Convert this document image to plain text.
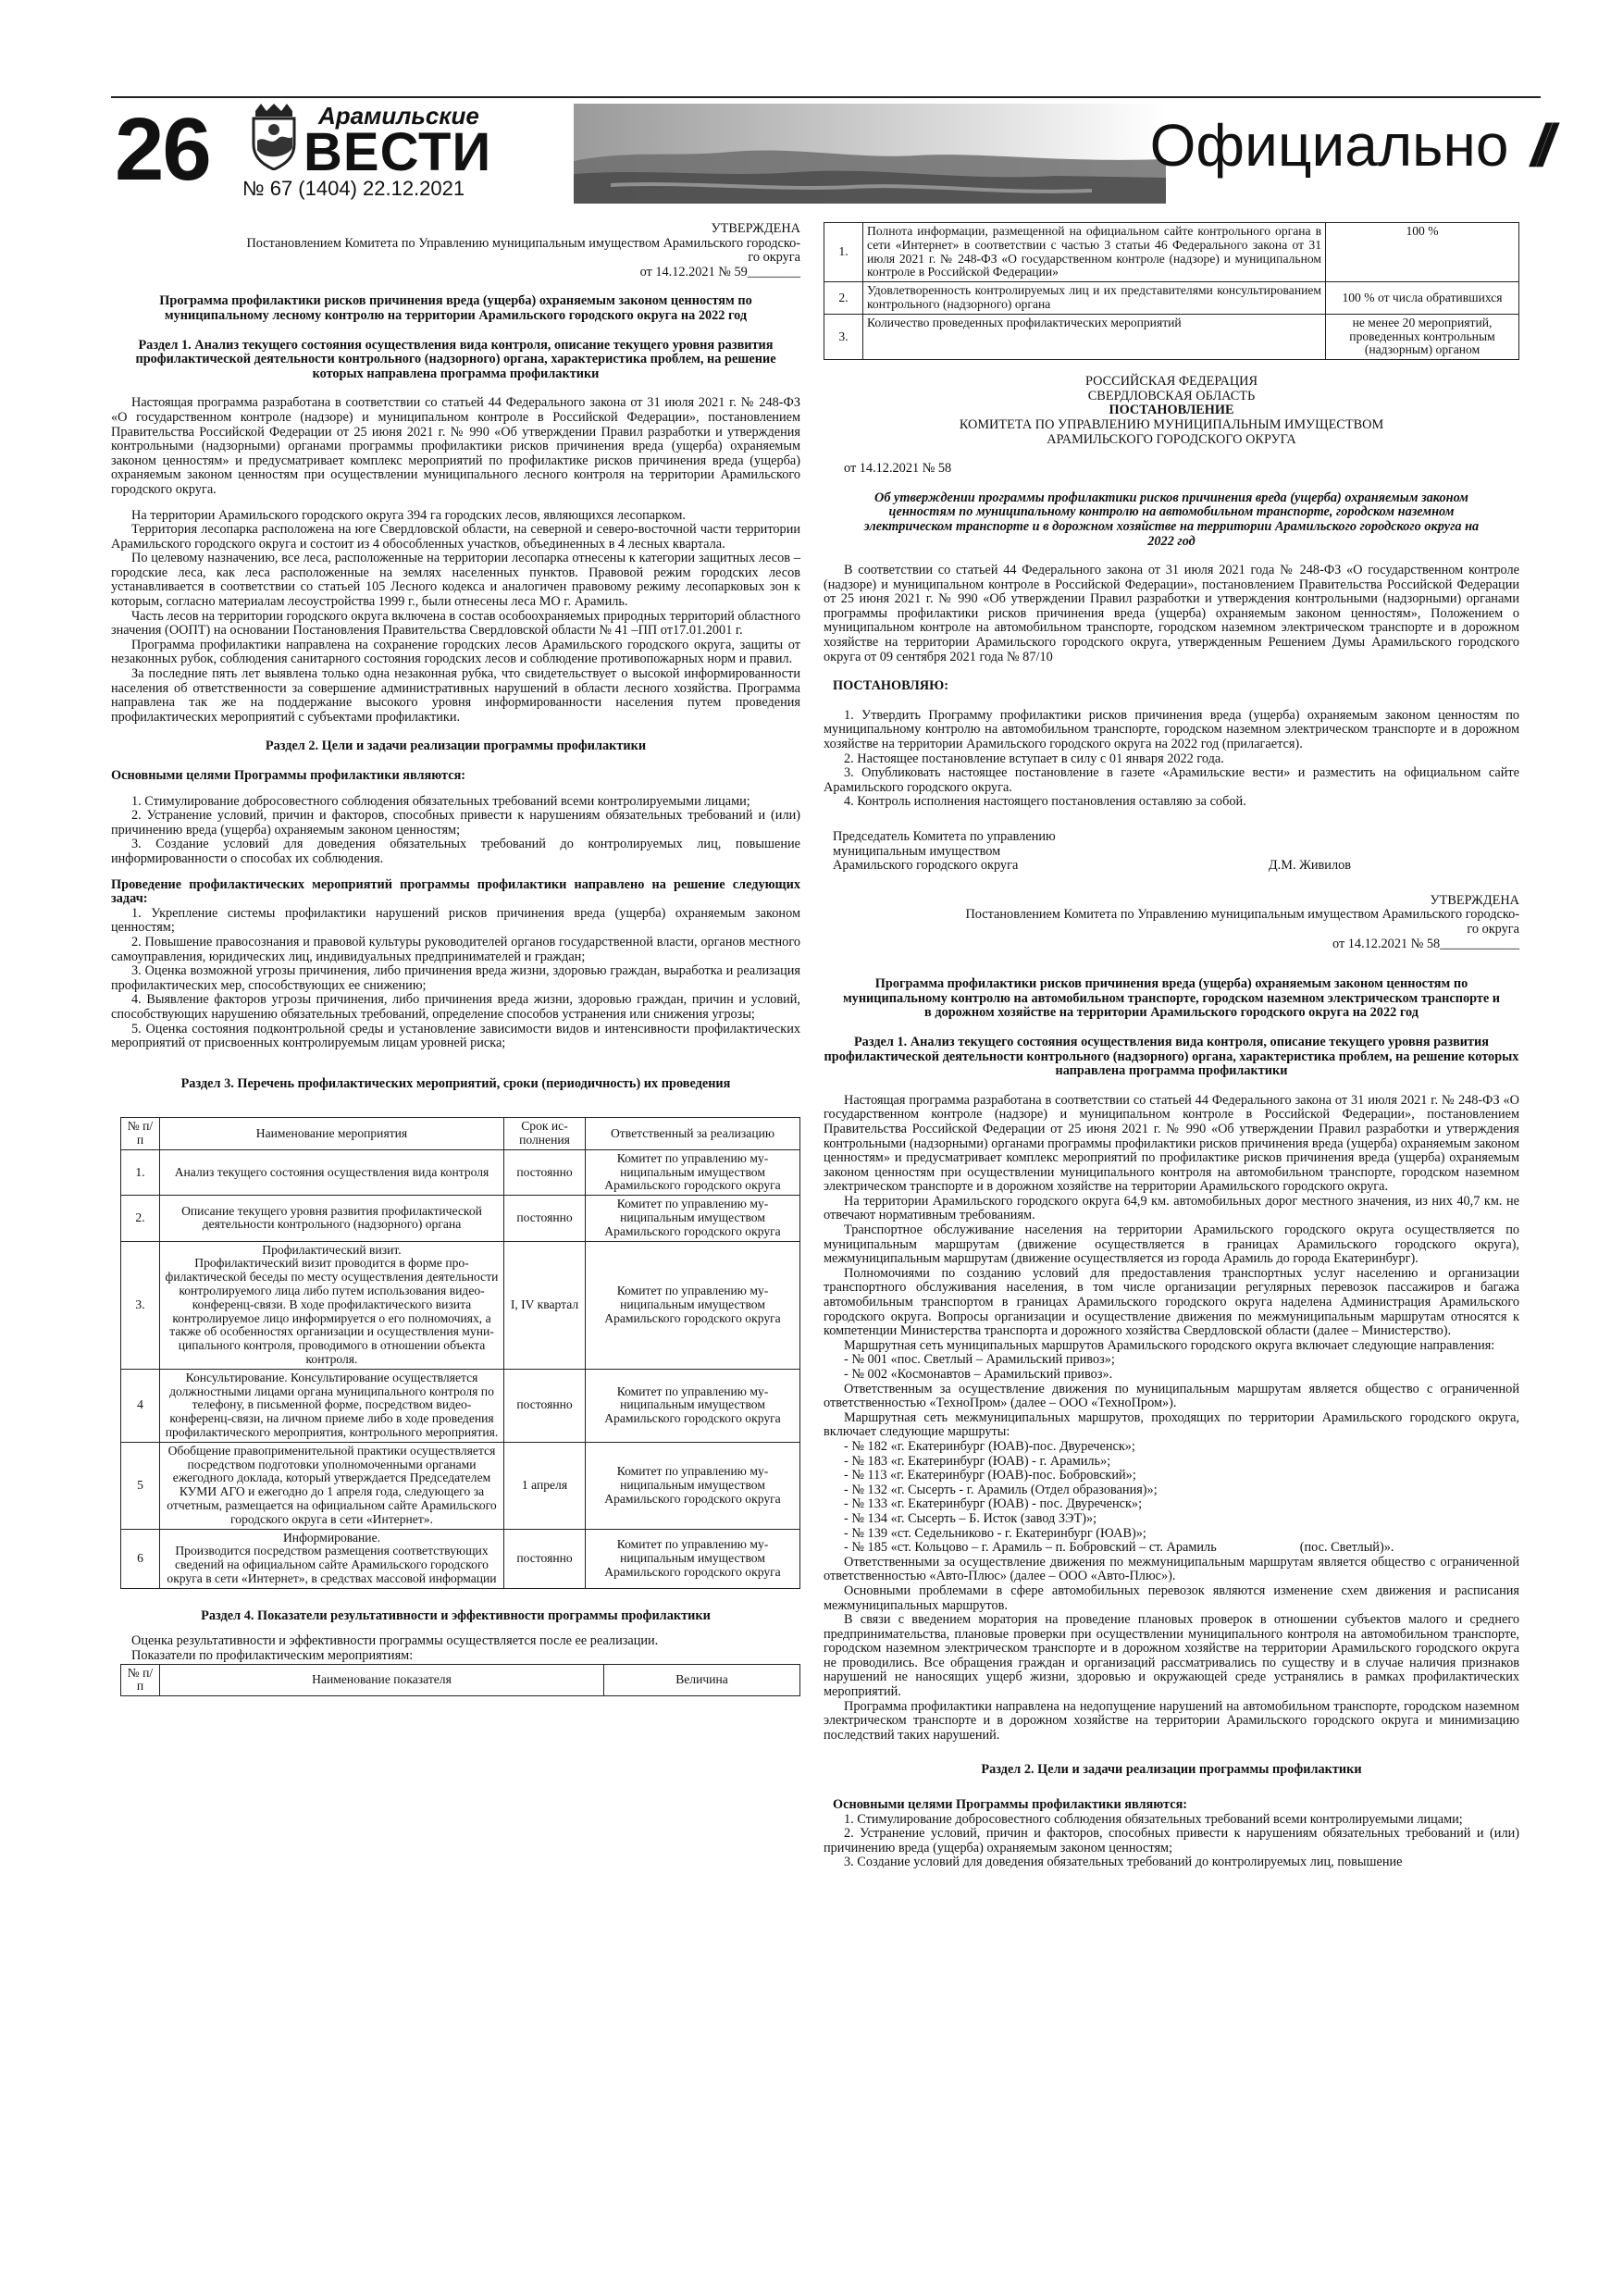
26	Арамильские
ВЕСТИ
№ 67 (1404) 22.12.2021
Официально //

УТВЕРЖДЕНА

Постановлением Комитета по Управлению муниципальным имуществом Арамильского городско-

го округа

от 14.12.2021 № 59________

Программа профилактики рисков причинения вреда (ущерба) охраняемым законом ценностям по муниципальному лесному контролю на территории Арамильского городского округа на 2022 год

Раздел 1. Анализ текущего состояния осуществления вида контроля, описание текущего уровня развития профилактической деятельности контрольного (надзорного) органа, характеристика проблем, на решение которых направлена программа профилактики

Настоящая программа разработана в соответствии со статьей 44 Федерального закона от 31 июля 2021 г. № 248-ФЗ «О государственном контроле (надзоре) и муниципальном контроле в Российской Федерации», постановлением Правительства Российской Федерации от 25 июня 2021 г. № 990 «Об утверждении Правил разработки и утверждения контрольными (надзорными) органами программы профилактики рисков причинения вреда (ущерба) охраняемым законом ценностям» и предусматривает комплекс мероприятий по профилактике рисков причинения вреда (ущерба) охраняемым законом ценностям при осуществлении муниципального лесного контроля на территории Арамильского городского округа.

На территории Арамильского городского округа 394 га городских лесов, являющихся лесопарком.

Территория лесопарка расположена на юге Свердловской области, на северной и северо-восточной части территории Арамильского городского округа и состоит из 4 обособленных участков, объединенных в 4 лесных квартала.

По целевому назначению, все леса, расположенные на территории лесопарка отнесены к категории защитных лесов – городские леса, как леса расположенные на землях населенных пунктов. Правовой режим городских лесов устанавливается в соответствии со статьей 105 Лесного кодекса и аналогичен правовому режиму лесопарковых зон к которым, согласно материалам лесоустройства 1999 г., были отнесены леса МО г. Арамиль.

Часть лесов на территории городского округа включена в состав особоохраняемых природных территорий областного значения (ООПТ) на основании Постановления Правительства Свердловской области № 41 –ПП от17.01.2001 г.

Программа профилактики направлена на сохранение городских лесов Арамильского городского округа, защиты от незаконных рубок, соблюдения санитарного состояния городских лесов и соблюдение противопожарных норм и правил.

За последние пять лет выявлена только одна незаконная рубка, что свидетельствует о высокой информированности населения об ответственности за совершение административных нарушений в области лесного хозяйства. Программа направлена так же на поддержание высокого уровня информированности населения путем проведения профилактических мероприятий с субъектами профилактики.

Раздел 2. Цели и задачи реализации программы профилактики

Основными целями Программы профилактики являются:

1. Стимулирование добросовестного соблюдения обязательных требований всеми контролируемыми лицами;

2. Устранение условий, причин и факторов, способных привести к нарушениям обязательных требований и (или) причинению вреда (ущерба) охраняемым законом ценностям;

3. Создание условий для доведения обязательных требований до контролируемых лиц, повышение информированности о способах их соблюдения.

Проведение профилактических мероприятий программы профилактики направлено на решение следующих задач:

1. Укрепление системы профилактики нарушений рисков причинения вреда (ущерба) охраняемым законом ценностям;

2. Повышение правосознания и правовой культуры руководителей органов государственной власти, органов местного самоуправления, юридических лиц, индивидуальных предпринимателей и граждан;

3. Оценка возможной угрозы причинения, либо причинения вреда жизни, здоровью граждан, выработка и реализация профилактических мер, способствующих ее снижению;

4. Выявление факторов угрозы причинения, либо причинения вреда жизни, здоровью граждан, причин и условий, способствующих нарушению обязательных требований, определение способов устранения или снижения угрозы;

5. Оценка состояния подконтрольной среды и установление зависимости видов и интенсивности профилактических мероприятий от присвоенных контролируемым лицам уровней риска;

Раздел 3. Перечень профилактических мероприятий, сроки (периодичность) их проведения

№ п/п	Наименование мероприятия	Срок исполнения	Ответственный за реализацию
1.	Анализ текущего состояния осуществления вида контроля	постоянно	Комитет по управлению муниципальным имуществом Арамильского городского округа
2.	Описание текущего уровня развития профилактической деятельности контрольного (надзорного) органа	постоянно	Комитет по управлению муниципальным имуществом Арамильского городского округа
3.	Профилактический визит.
Профилактический визит проводится в форме профилактической беседы по месту осуществления деятельности контролируемого лица либо путем использования видео-конференц-связи. В ходе профилактического визита контролируемое лицо информируется о его полномочиях, а также об особенностях организации и осуществления муниципального контроля, проводимого в отношении объекта контроля.	I, IV квартал	Комитет по управлению муниципальным имуществом Арамильского городского округа
4	Консультирование. Консультирование осуществляется должностными лицами органа муниципального контроля по телефону, в письменной форме, посредством видео-конференц-связи, на личном приеме либо в ходе проведения профилактического мероприятия, контрольного мероприятия.	постоянно	Комитет по управлению муниципальным имуществом Арамильского городского округа
5	Обобщение правоприменительной практики осуществляется посредством подготовки уполномоченными органами ежегодного доклада, который утверждается Председателем КУМИ АГО и ежегодно до 1 апреля года, следующего за отчетным, размещается на официальном сайте Арамильского городского округа в сети «Интернет».	1 апреля	Комитет по управлению муниципальным имуществом Арамильского городского округа
6	Информирование.
Производится посредством размещения соответствующих сведений на официальном сайте Арамильского городского округа в сети «Интернет», в средствах массовой информации	постоянно	Комитет по управлению муниципальным имуществом Арамильского городского округа

Раздел 4. Показатели результативности и эффективности программы профилактики

Оценка результативности и эффективности программы осуществляется после ее реализации.

Показатели по профилактическим мероприятиям:

№ п/п	Наименование показателя	Величина
1.	Полнота информации, размещенной на официальном сайте контрольного органа в сети «Интернет» в соответствии с частью 3 статьи 46 Федерального закона от 31 июля 2021 г. № 248-ФЗ «О государственном контроле (надзоре) и муниципальном контроле в Российской Федерации»	100 %
2.	Удовлетворенность контролируемых лиц и их представителями консультированием контрольного (надзорного) органа	100 % от числа обратившихся
3.	Количество проведенных профилактических мероприятий	не менее 20 мероприятий, проведенных контрольным (надзорным) органом

РОССИЙСКАЯ ФЕДЕРАЦИЯ

СВЕРДЛОВСКАЯ ОБЛАСТЬ

ПОСТАНОВЛЕНИЕ

КОМИТЕТА ПО УПРАВЛЕНИЮ МУНИЦИПАЛЬНЫМ ИМУЩЕСТВОМ

АРАМИЛЬСКОГО ГОРОДСКОГО ОКРУГА

от 14.12.2021 № 58

Об утверждении программы профилактики рисков причинения вреда (ущерба) охраняемым законом ценностям по муниципальному контролю на автомобильном транспорте, городском наземном электрическом транспорте и в дорожном хозяйстве на территории Арамильского городского округа на 2022 год

В соответствии со статьей 44 Федерального закона от 31 июля 2021 года № 248-ФЗ «О государственном контроле (надзоре) и муниципальном контроле в Российской Федерации», постановлением Правительства Российской Федерации от 25 июня 2021 г. № 990 «Об утверждении Правил разработки и утверждения контрольными (надзорными) органами программы профилактики рисков причинения вреда (ущерба) охраняемым законом ценностям», Положением о муниципальном контроле на автомобильном транспорте, городском наземном электрическом транспорте и в дорожном хозяйстве на территории Арамильского городского округа, утвержденным Решением Думы Арамильского городского округа от 09 сентября 2021 года № 87/10

ПОСТАНОВЛЯЮ:

1. Утвердить Программу профилактики рисков причинения вреда (ущерба) охраняемым законом ценностям по муниципальному контролю на автомобильном транспорте, городском наземном электрическом транспорте и в дорожном хозяйстве на территории Арамильского городского округа на 2022 год (прилагается).

2. Настоящее постановление вступает в силу с 01 января 2022 года.

3. Опубликовать настоящее постановление в газете «Арамильские вести» и разместить на официальном сайте Арамильского городского округа.

4. Контроль исполнения настоящего постановления оставляю за собой.

Председатель Комитета по управлению

муниципальным имуществом

Арамильского городского округа	Д.М. Живилов

УТВЕРЖДЕНА

Постановлением Комитета по Управлению муниципальным имуществом Арамильского городско-

го округа

от 14.12.2021 № 58____________

Программа профилактики рисков причинения вреда (ущерба) охраняемым законом ценностям по муниципальному контролю на автомобильном транспорте, городском наземном электрическом транспорте и в дорожном хозяйстве на территории Арамильского городского округа на 2022 год

Раздел 1. Анализ текущего состояния осуществления вида контроля, описание текущего уровня развития профилактической деятельности контрольного (надзорного) органа, характеристика проблем, на решение которых направлена программа профилактики

Настоящая программа разработана в соответствии со статьей 44 Федерального закона от 31 июля 2021 г. № 248-ФЗ «О государственном контроле (надзоре) и муниципальном контроле в Российской Федерации», постановлением Правительства Российской Федерации от 25 июня 2021 г. № 990 «Об утверждении Правил разработки и утверждения контрольными (надзорными) органами программы профилактики рисков причинения вреда (ущерба) охраняемым законом ценностям» и предусматривает комплекс мероприятий по профилактике рисков причинения вреда (ущерба) охраняемым законом ценностям при осуществлении муниципального контроля на автомобильном транспорте, городском наземном электрическом транспорте и в дорожном хозяйстве на территории Арамильского городского округа.

На территории Арамильского городского округа 64,9 км. автомобильных дорог местного значения, из них 40,7 км. не отвечают нормативным требованиям.

Транспортное обслуживание населения на территории Арамильского городского округа осуществляется по муниципальным маршрутам (движение осуществляется в границах Арамильского городского округа), межмуниципальным маршрутам (движение осуществляется из города Арамиль до города Екатеринбург).

Полномочиями по созданию условий для предоставления транспортных услуг населению и организации транспортного обслуживания населения, в том числе организации регулярных перевозок пассажиров и багажа автомобильным транспортом в границах Арамильского городского округа наделена Администрация Арамильского городского округа. Вопросы организации и осуществление движения по межмуниципальным маршрутам относятся к компетенции Министерства транспорта и дорожного хозяйства Свердловской области (далее – Министерство).

Маршрутная сеть муниципальных маршрутов Арамильского городского округа включает следующие направления:

- № 001 «пос. Светлый – Арамильский привоз»;

- № 002 «Космонавтов – Арамильский привоз».

Ответственным за осуществление движения по муниципальным маршрутам является общество с ограниченной ответственностью «ТехноПром» (далее – ООО «ТехноПром»).

Маршрутная сеть межмуниципальных маршрутов, проходящих по территории Арамильского городского округа, включает следующие маршруты:

- № 182 «г. Екатеринбург (ЮАВ)-пос. Двуреченск»;

- № 183 «г. Екатеринбург (ЮАВ) - г. Арамиль»;

- № 113 «г. Екатеринбург (ЮАВ)-пос. Бобровский»;

- № 132 «г. Сысерть - г. Арамиль (Отдел образования)»;

- № 133 «г. Екатеринбург (ЮАВ) - пос. Двуреченск»;

- № 134 «г. Сысерть – Б. Исток (завод ЗЭТ)»;

- № 139 «ст. Седельниково - г. Екатеринбург (ЮАВ)»;

- № 185 «ст. Кольцово – г. Арамиль – п. Бобровский – ст. Арамиль	(пос. Светлый)».

Ответственными за осуществление движения по межмуниципальным маршрутам является общество с ограниченной ответственностью «Авто-Плюс» (далее – ООО «Авто-Плюс»).

Основными проблемами в сфере автомобильных перевозок являются изменение схем движения и расписания межмуниципальных маршрутов.

В связи с введением моратория на проведение плановых проверок в отношении субъектов малого и среднего предпринимательства, плановые проверки при осуществлении муниципального контроля на автомобильном транспорте, городском наземном электрическом транспорте и в дорожном хозяйстве на территории Арамильского городского округа не проводились. Все обращения граждан и организаций рассматривались по существу и в случае наличия признаков нарушений не наносящих ущерб жизни, здоровью и окружающей среде устранялись в рамках профилактических мероприятий.

Программа профилактики направлена на недопущение нарушений на автомобильном транспорте, городском наземном электрическом транспорте и в дорожном хозяйстве на территории Арамильского городского округа и минимизацию последствий таких нарушений.

Раздел 2. Цели и задачи реализации программы профилактики

Основными целями Программы профилактики являются:

1. Стимулирование добросовестного соблюдения обязательных требований всеми контролируемыми лицами;

2. Устранение условий, причин и факторов, способных привести к нарушениям обязательных требований и (или) причинению вреда (ущерба) охраняемым законом ценностям;

3. Создание условий для доведения обязательных требований до контролируемых лиц, повышение
